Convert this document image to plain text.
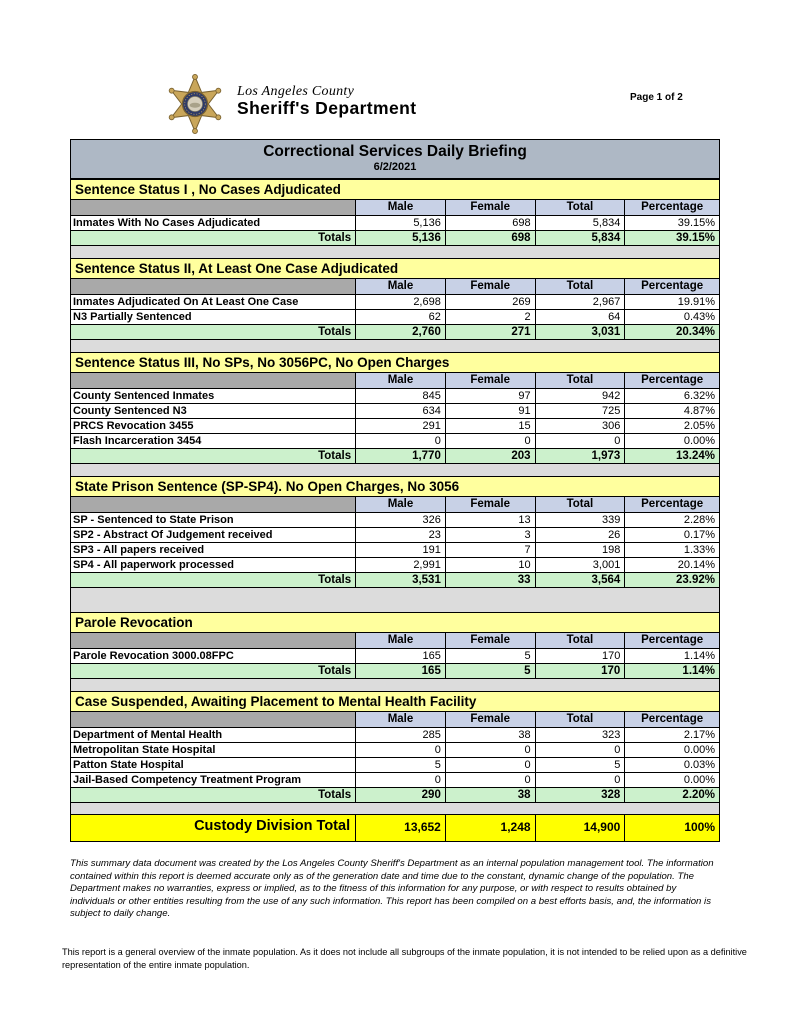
Los Angeles County
Sheriff's Department
Page 1 of 2
Correctional Services Daily Briefing
6/2/2021
Sentence Status I , No Cases Adjudicated
Male	Female	Total	Percentage
Inmates With No Cases Adjudicated	5,136	698	5,834	39.15%
Totals	5,136	698	5,834	39.15%
Sentence Status II, At Least One Case Adjudicated
Male	Female	Total	Percentage
Inmates Adjudicated On At Least One Case	2,698	269	2,967	19.91%
N3 Partially Sentenced	62	2	64	0.43%
Totals	2,760	271	3,031	20.34%
Sentence Status III, No SPs, No 3056PC, No Open Charges
Male	Female	Total	Percentage
County Sentenced Inmates	845	97	942	6.32%
County Sentenced N3	634	91	725	4.87%
PRCS Revocation 3455	291	15	306	2.05%
Flash Incarceration 3454	0	0	0	0.00%
Totals	1,770	203	1,973	13.24%
State Prison Sentence (SP-SP4). No Open Charges, No 3056
Male	Female	Total	Percentage
SP - Sentenced to State Prison	326	13	339	2.28%
SP2 - Abstract Of Judgement received	23	3	26	0.17%
SP3 - All papers received	191	7	198	1.33%
SP4 - All paperwork processed	2,991	10	3,001	20.14%
Totals	3,531	33	3,564	23.92%
Parole Revocation
Male	Female	Total	Percentage
Parole Revocation 3000.08FPC	165	5	170	1.14%
Totals	165	5	170	1.14%
Case Suspended, Awaiting Placement to Mental Health Facility
Male	Female	Total	Percentage
Department of Mental Health	285	38	323	2.17%
Metropolitan State Hospital	0	0	0	0.00%
Patton State Hospital	5	0	5	0.03%
Jail-Based Competency Treatment Program	0	0	0	0.00%
Totals	290	38	328	2.20%
Custody Division Total	13,652	1,248	14,900	100%
This summary data document was created by the Los Angeles County Sheriff's Department as an internal population management tool. The information contained within this report is deemed accurate only as of the generation date and time due to the constant, dynamic change of the population. The Department makes no warranties, express or implied, as to the fitness of this information for any purpose, or with respect to results obtained by individuals or other entities resulting from the use of any such information. This report has been compiled on a best efforts basis, and, the information is subject to daily change.
This report is a general overview of the inmate population. As it does not include all subgroups of the inmate population, it is not intended to be relied upon as a definitive representation of the entire inmate population.
